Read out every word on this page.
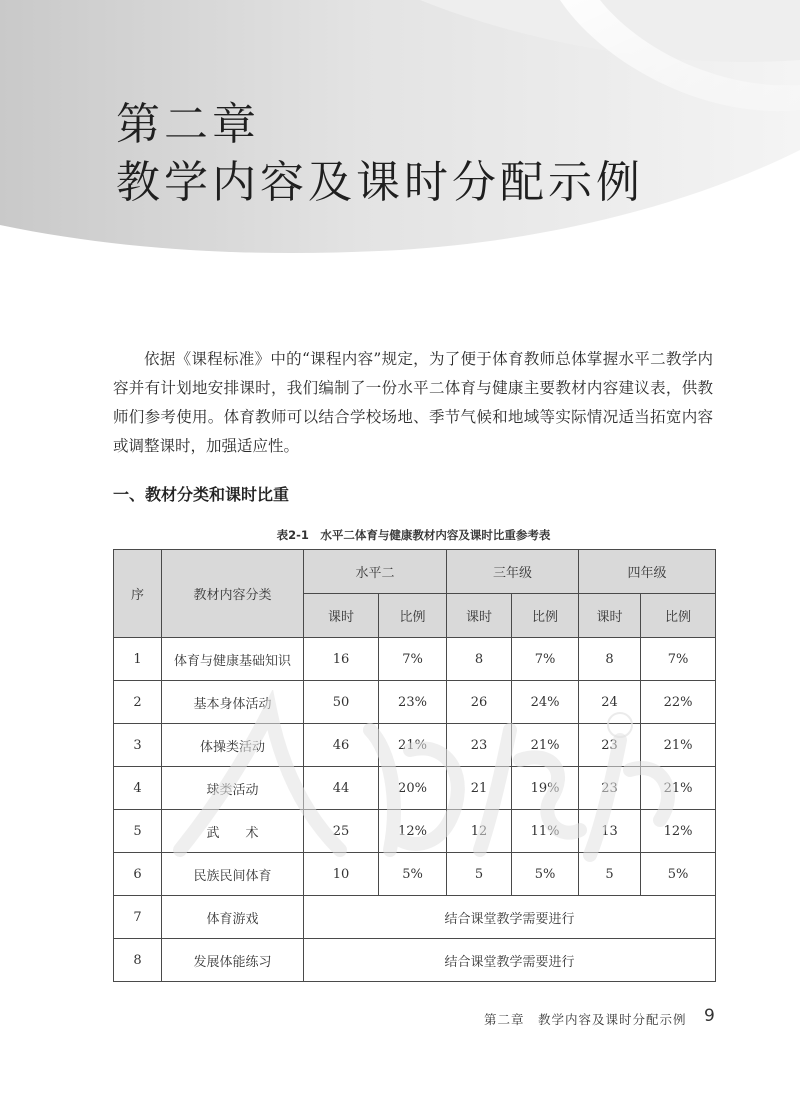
第二章
教学内容及课时分配示例

依据《课程标准》中的“课程内容”规定，为了便于体育教师总体掌握水平二教学内容并有计划地安排课时，我们编制了一份水平二体育与健康主要教材内容建议表，供教师们参考使用。体育教师可以结合学校场地、季节气候和地域等实际情况适当拓宽内容或调整课时，加强适应性。

一、教材分类和课时比重

表2-1　水平二体育与健康教材内容及课时比重参考表

序	教材内容分类	水平二		三年级		四年级	
		课时	比例	课时	比例	课时	比例
1	体育与健康基础知识	16	7%	8	7%	8	7%
2	基本身体活动	50	23%	26	24%	24	22%
3	体操类活动	46	21%	23	21%	23	21%
4	球类活动	44	20%	21	19%	23	21%
5	武　　术	25	12%	12	11%	13	12%
6	民族民间体育	10	5%	5	5%	5	5%
7	体育游戏	结合课堂教学需要进行					
8	发展体能练习	结合课堂教学需要进行					
第二章　教学内容及课时分配示例 9
